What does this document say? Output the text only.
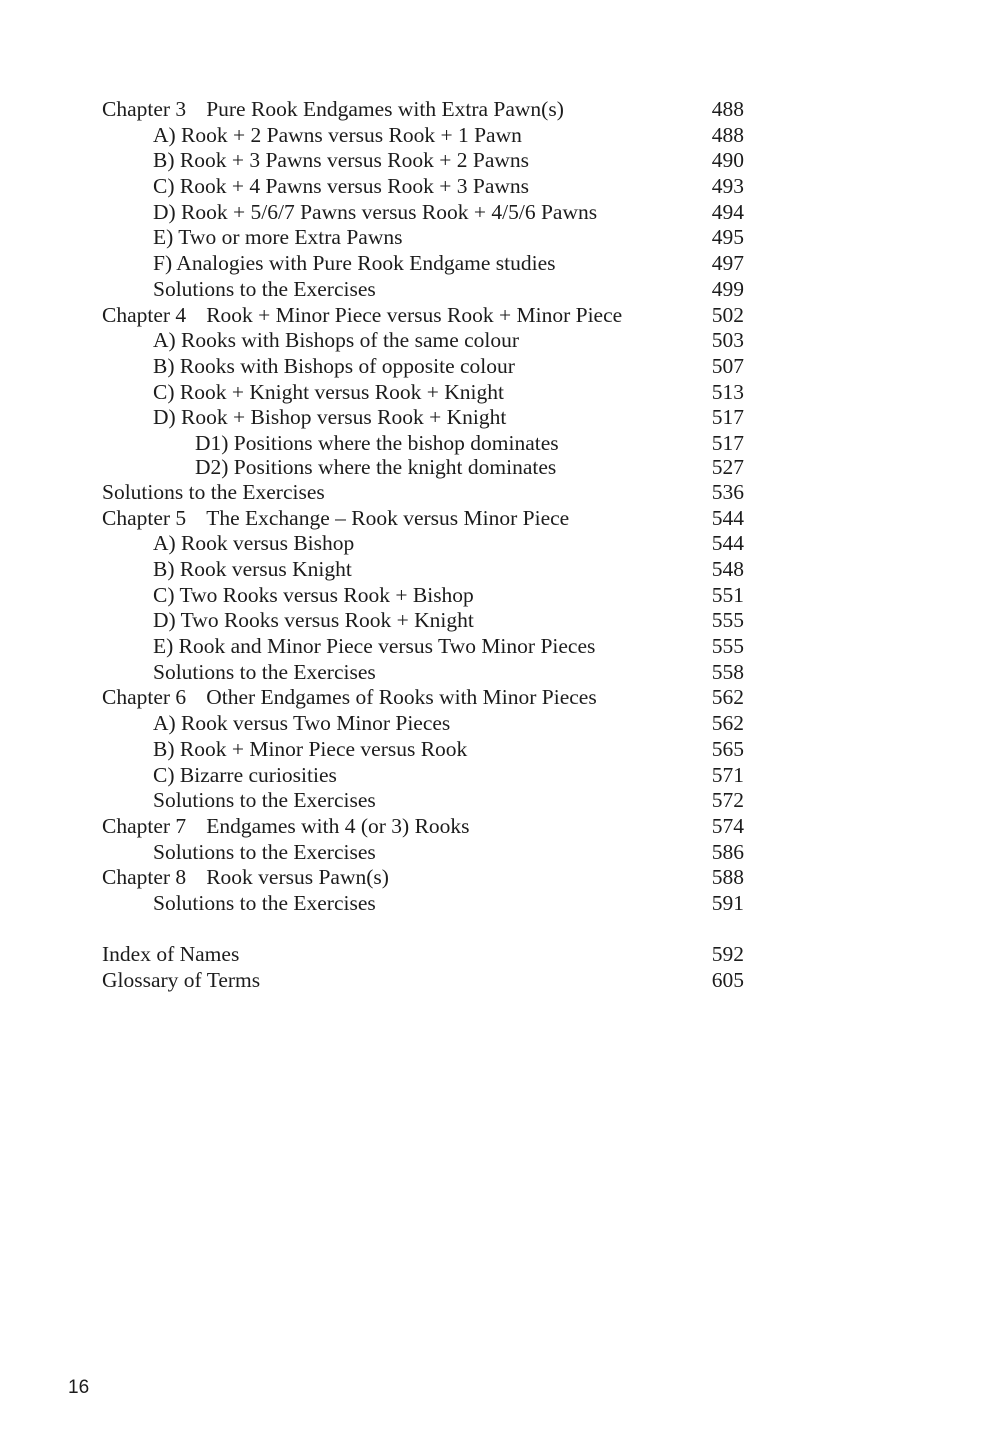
Chapter 3 Pure Rook Endgames with Extra Pawn(s)	488
A) Rook + 2 Pawns versus Rook + 1 Pawn	488
B) Rook + 3 Pawns versus Rook + 2 Pawns	490
C) Rook + 4 Pawns versus Rook + 3 Pawns	493
D) Rook + 5/6/7 Pawns versus Rook + 4/5/6 Pawns	494
E) Two or more Extra Pawns	495
F) Analogies with Pure Rook Endgame studies	497
Solutions to the Exercises	499
Chapter 4 Rook + Minor Piece versus Rook + Minor Piece	502
A) Rooks with Bishops of the same colour	503
B) Rooks with Bishops of opposite colour	507
C) Rook + Knight versus Rook + Knight	513
D) Rook + Bishop versus Rook + Knight	517
D1) Positions where the bishop dominates	517
D2) Positions where the knight dominates	527
Solutions to the Exercises	536
Chapter 5 The Exchange – Rook versus Minor Piece	544
A) Rook versus Bishop	544
B) Rook versus Knight	548
C) Two Rooks versus Rook + Bishop	551
D) Two Rooks versus Rook + Knight	555
E) Rook and Minor Piece versus Two Minor Pieces	555
Solutions to the Exercises	558
Chapter 6 Other Endgames of Rooks with Minor Pieces	562
A) Rook versus Two Minor Pieces	562
B) Rook + Minor Piece versus Rook	565
C) Bizarre curiosities	571
Solutions to the Exercises	572
Chapter 7 Endgames with 4 (or 3) Rooks	574
Solutions to the Exercises	586
Chapter 8 Rook versus Pawn(s)	588
Solutions to the Exercises	591
Index of Names	592
Glossary of Terms	605
16
